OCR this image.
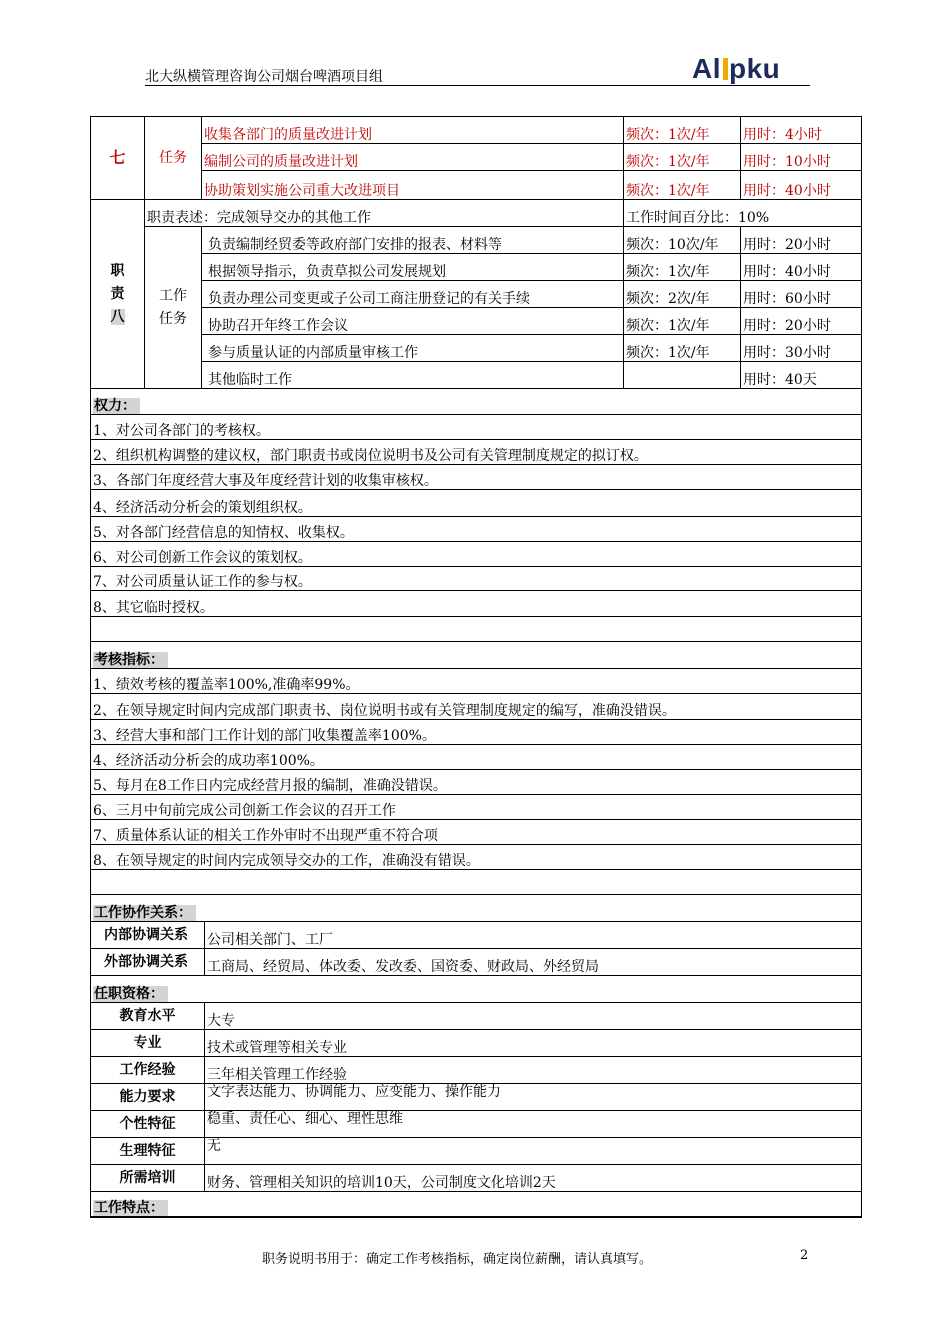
北大纵横管理咨询公司烟台啤酒项目组	Al pku
七	任务	收集各部门的质量改进计划		频次：1次/年	用时：4小时
		编制公司的质量改进计划		频次：1次/年	用时：10小时
		协助策划实施公司重大改进项目		频次：1次/年	用时：40小时

职
责
八	职责表述：完成领导交办的其他工作			工作时间百分比：10%	

	工作
任务	负责编制经贸委等政府部门安排的报表、材料等		频次：10次/年	用时：20小时
		根据领导指示，负责草拟公司发展规划		频次：1次/年	用时：40小时
		负责办理公司变更或子公司工商注册登记的有关手续		频次：2次/年	用时：60小时
		协助召开年终工作会议		频次：1次/年	用时：20小时
		参与质量认证的内部质量审核工作		频次：1次/年	用时：30小时
		其他临时工作			用时：40天
权力：					
1、对公司各部门的考核权。					
2、组织机构调整的建议权，部门职责书或岗位说明书及公司有关管理制度规定的拟订权。					
3、各部门年度经营大事及年度经营计划的收集审核权。					
4、经济活动分析会的策划组织权。					
5、对各部门经营信息的知情权、收集权。					
6、对公司创新工作会议的策划权。					
7、对公司质量认证工作的参与权。					
8、其它临时授权。					

考核指标：					
1、绩效考核的覆盖率100%,准确率99%。					
2、在领导规定时间内完成部门职责书、岗位说明书或有关管理制度规定的编写，准确没错误。					
3、经营大事和部门工作计划的部门收集覆盖率100%。					
4、经济活动分析会的成功率100%。					
5、每月在8工作日内完成经营月报的编制，准确没错误。					
6、三月中旬前完成公司创新工作会议的召开工作					
7、质量体系认证的相关工作外审时不出现严重不符合项					
8、在领导规定的时间内完成领导交办的工作，准确没有错误。					

工作协作关系：					
内部协调关系			公司相关部门、工厂		
外部协调关系			工商局、经贸局、体改委、发改委、国资委、财政局、外经贸局		
任职资格：					
教育水平			大专		
专业			技术或管理等相关专业		
工作经验			三年相关管理工作经验		
能力要求			文字表达能力、协调能力、应变能力、操作能力		
个性特征			稳重、责任心、细心、理性思维		
生理特征			无		
所需培训			财务、管理相关知识的培训10天，公司制度文化培训2天		
工作特点：					
职务说明书用于：确定工作考核指标，确定岗位薪酬，请认真填写。	2
